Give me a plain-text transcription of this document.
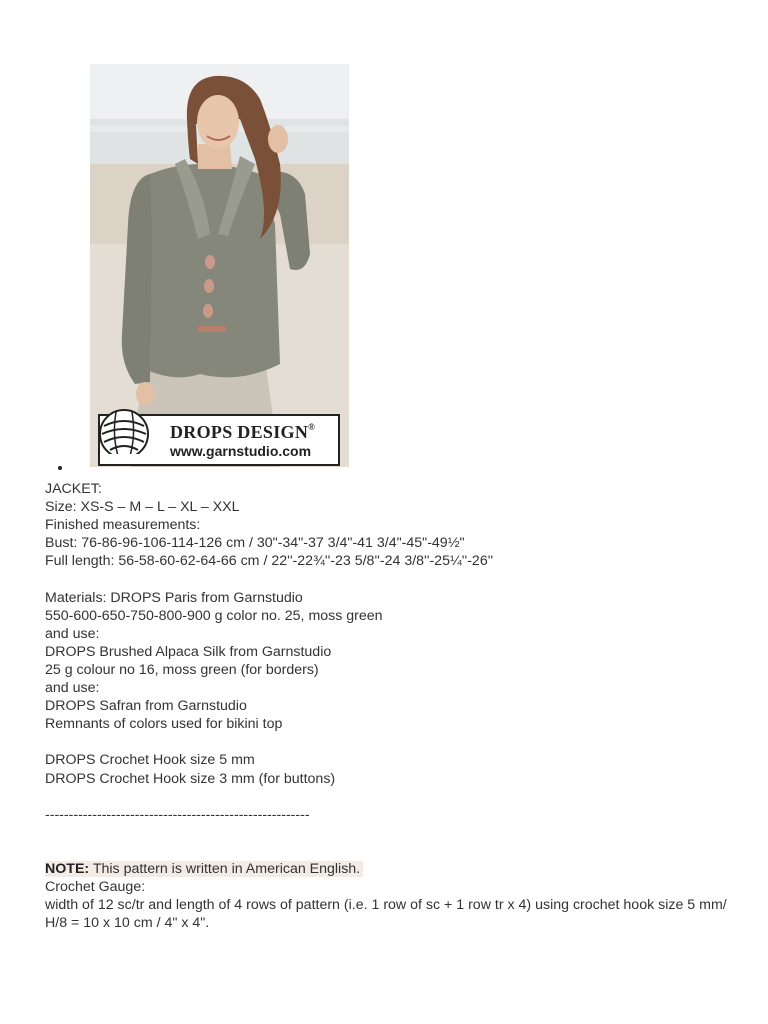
DROPS DESIGN®
www.garnstudio.com
JACKET:
Size: XS-S – M – L – XL – XXL
Finished measurements:
Bust: 76-86-96-106-114-126 cm / 30"-34"-37 3/4"-41 3/4"-45"-49½"
Full length: 56-58-60-62-64-66 cm / 22''-22¾''-23 5/8''-24 3/8''-25¼''-26''
Materials: DROPS Paris from Garnstudio
550-600-650-750-800-900 g color no. 25, moss green
and use:
DROPS Brushed Alpaca Silk from Garnstudio
25 g colour no 16, moss green (for borders)
and use:
DROPS Safran from Garnstudio
Remnants of colors used for bikini top
DROPS Crochet Hook size 5 mm
DROPS Crochet Hook size 3 mm (for buttons)
--------------------------------------------------------
NOTE: This pattern is written in American English.
Crochet Gauge:
width of 12 sc/tr and length of 4 rows of pattern (i.e. 1 row of sc + 1 row tr x 4) using crochet hook size 5 mm/ H/8 = 10 x 10 cm / 4" x 4".
